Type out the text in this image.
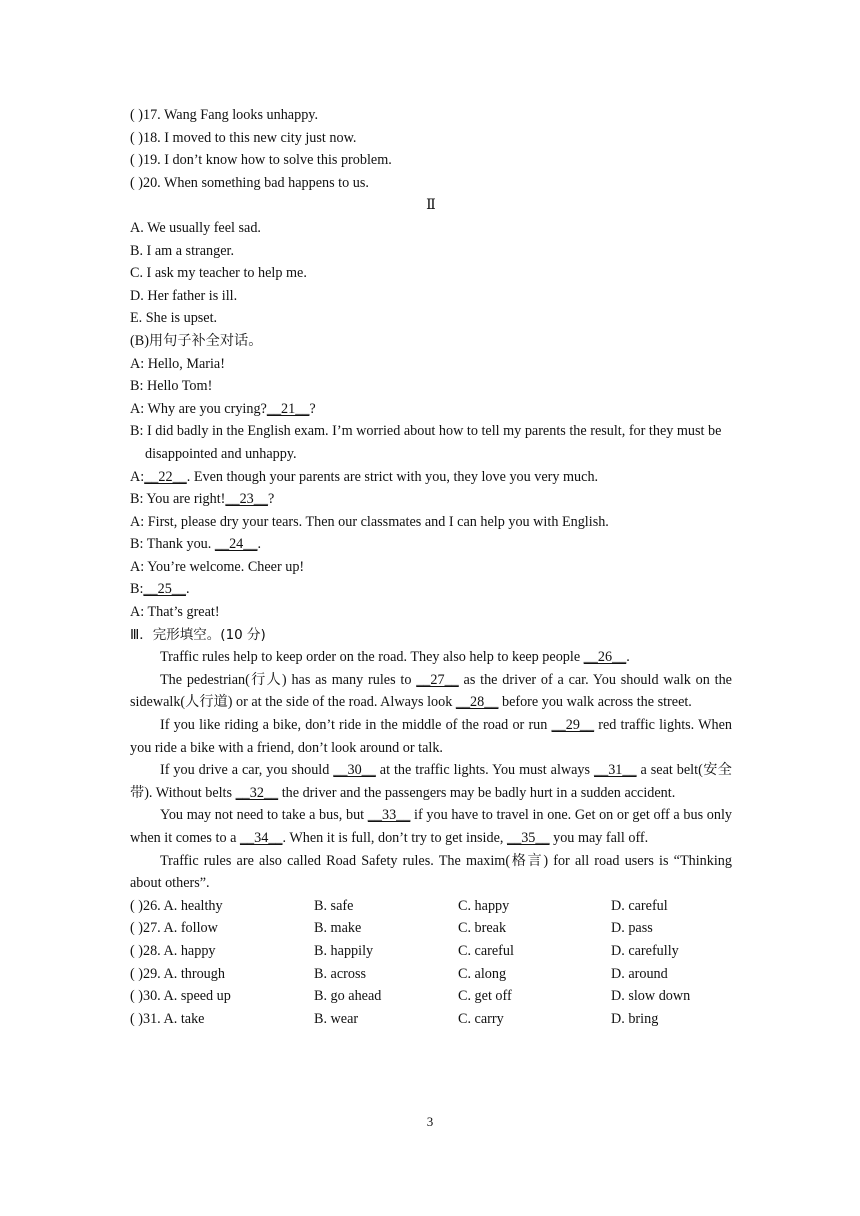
( )17. Wang Fang looks unhappy.
( )18. I moved to this new city just now.
( )19. I don’t know how to solve this problem.
( )20. When something bad happens to us.
Ⅱ
A. We usually feel sad.
B. I am a stranger.
C. I ask my teacher to help me.
D. Her father is ill.
E. She is upset.
(B)用句子补全对话。
A: Hello, Maria!
B: Hello Tom!
A: Why are you crying?__21__?
B: I did badly in the English exam. I’m worried about how to tell my parents the result, for they must be disappointed and unhappy.
A:__22__. Even though your parents are strict with you, they love you very much.
B: You are right!__23__?
A: First, please dry your tears. Then our classmates and I can help you with English.
B: Thank you. __24__.
A: You’re welcome. Cheer up!
B:__25__.
A: That’s great!
Ⅲ．完形填空。(10 分)

Traffic rules help to keep order on the road. They also help to keep people __26__.

The pedestrian(行人) has as many rules to __27__ as the driver of a car. You should walk on the sidewalk(人行道) or at the side of the road. Always look __28__ before you walk across the street.

If you like riding a bike, don’t ride in the middle of the road or run __29__ red traffic lights. When you ride a bike with a friend, don’t look around or talk.

If you drive a car, you should __30__ at the traffic lights. You must always __31__ a seat belt(安全带). Without belts __32__ the driver and the passengers may be badly hurt in a sudden accident.

You may not need to take a bus, but __33__ if you have to travel in one. Get on or get off a bus only when it comes to a __34__. When it is full, don’t try to get inside, __35__ you may fall off.

Traffic rules are also called Road Safety rules. The maxim(格言) for all road users is “Thinking about others”.

( )26. A. healthy	B. safe	C. happy	D. careful
( )27. A. follow	B. make	C. break	D. pass
( )28. A. happy	B. happily	C. careful	D. carefully
( )29. A. through	B. across	C. along	D. around
( )30. A. speed up	B. go ahead	C. get off	D. slow down
( )31. A. take	B. wear	C. carry	D. bring
3
